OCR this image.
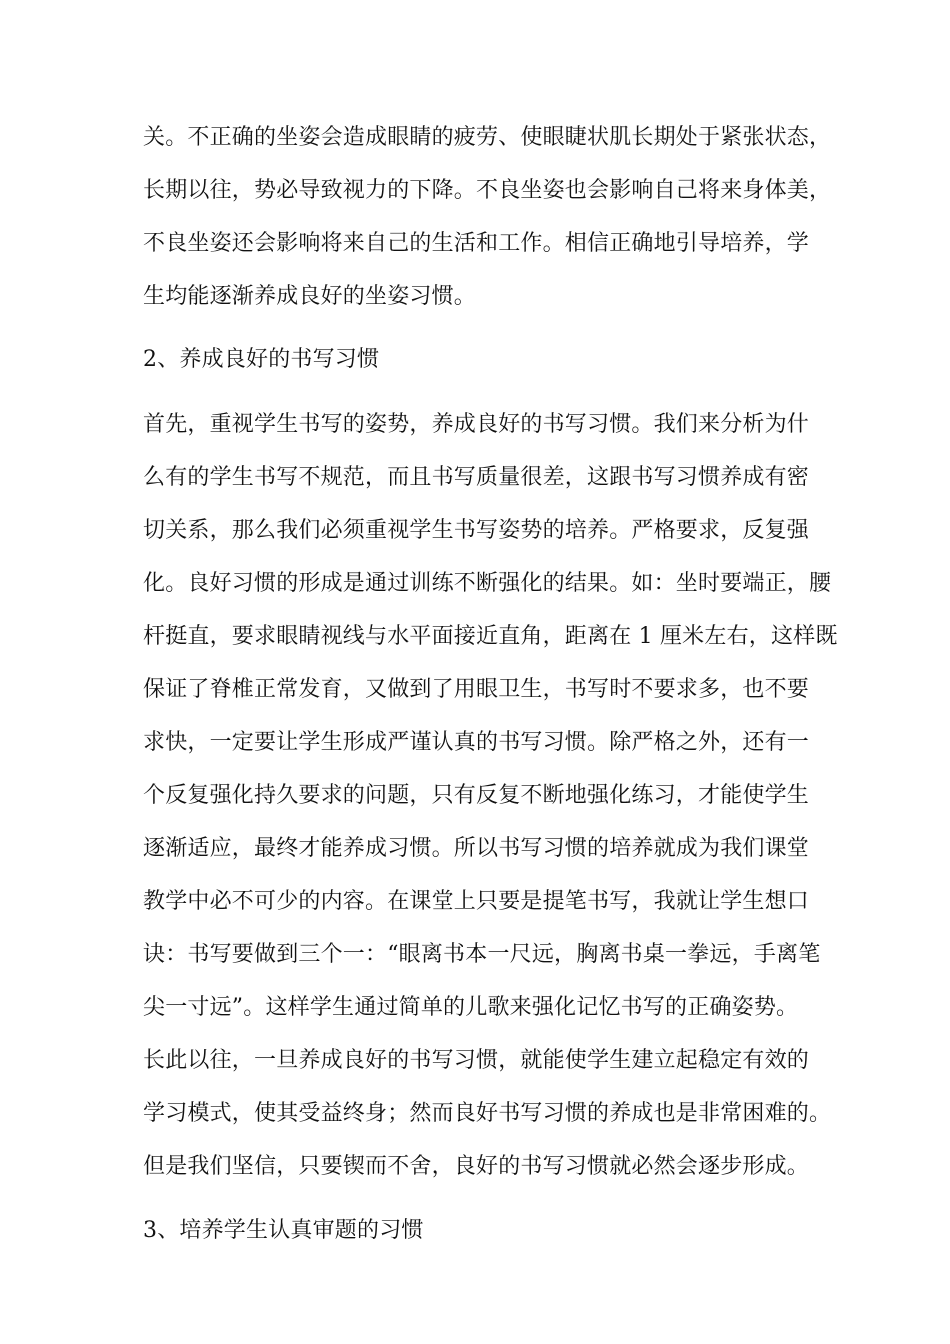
关。不正确的坐姿会造成眼睛的疲劳、使眼睫状肌长期处于紧张状态，
长期以往，势必导致视力的下降。不良坐姿也会影响自己将来身体美，
不良坐姿还会影响将来自己的生活和工作。相信正确地引导培养，学
生均能逐渐养成良好的坐姿习惯。
2、养成良好的书写习惯
首先，重视学生书写的姿势，养成良好的书写习惯。我们来分析为什
么有的学生书写不规范，而且书写质量很差，这跟书写习惯养成有密
切关系，那么我们必须重视学生书写姿势的培养。严格要求，反复强
化。良好习惯的形成是通过训练不断强化的结果。如：坐时要端正，腰
杆挺直，要求眼睛视线与水平面接近直角，距离在 1 厘米左右，这样既
保证了脊椎正常发育，又做到了用眼卫生，书写时不要求多，也不要
求快，一定要让学生形成严谨认真的书写习惯。除严格之外，还有一
个反复强化持久要求的问题，只有反复不断地强化练习，才能使学生
逐渐适应，最终才能养成习惯。所以书写习惯的培养就成为我们课堂
教学中必不可少的内容。在课堂上只要是提笔书写，我就让学生想口
诀：书写要做到三个一：“眼离书本一尺远，胸离书桌一拳远，手离笔
尖一寸远”。这样学生通过简单的儿歌来强化记忆书写的正确姿势。
长此以往，一旦养成良好的书写习惯，就能使学生建立起稳定有效的
学习模式，使其受益终身；然而良好书写习惯的养成也是非常困难的。
但是我们坚信，只要锲而不舍，良好的书写习惯就必然会逐步形成。
3、培养学生认真审题的习惯
